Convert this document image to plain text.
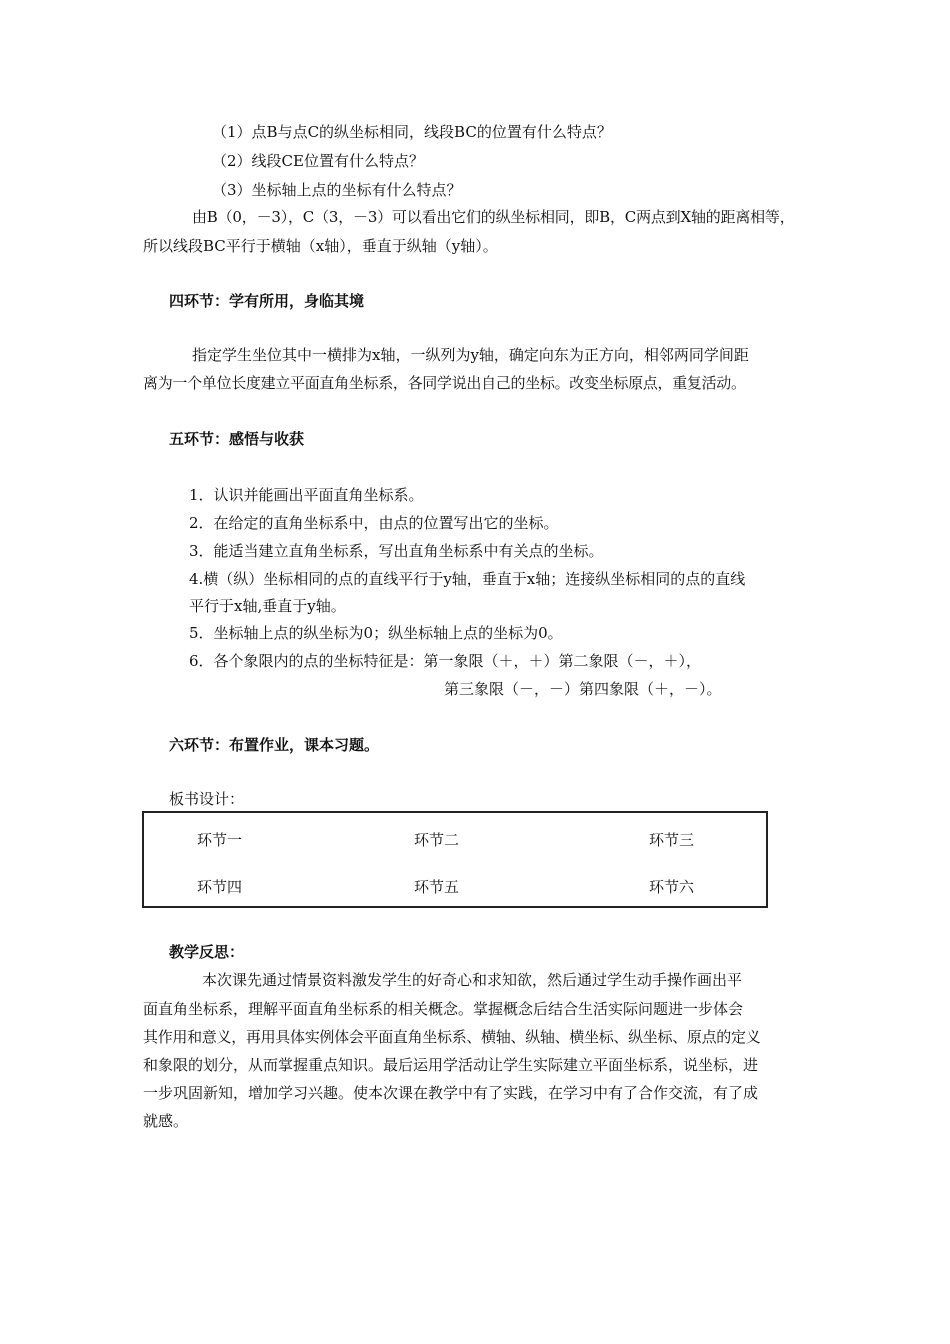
（1）点B与点C的纵坐标相同，线段BC的位置有什么特点？
（2）线段CE位置有什么特点？
（3）坐标轴上点的坐标有什么特点？
由B（0，－3），C（3，－3）可以看出它们的纵坐标相同，即B，C两点到X轴的距离相等，
所以线段BC平行于横轴（x轴），垂直于纵轴（y轴）。
四环节：学有所用，身临其境
指定学生坐位其中一横排为x轴，一纵列为y轴，确定向东为正方向，相邻两同学间距
离为一个单位长度建立平面直角坐标系，各同学说出自己的坐标。改变坐标原点，重复活动。
五环节：感悟与收获
1．认识并能画出平面直角坐标系。
2．在给定的直角坐标系中，由点的位置写出它的坐标。
3．能适当建立直角坐标系，写出直角坐标系中有关点的坐标。
4.横（纵）坐标相同的点的直线平行于y轴，垂直于x轴；连接纵坐标相同的点的直线
平行于x轴,垂直于y轴。
5．坐标轴上点的纵坐标为0；纵坐标轴上点的坐标为0。
6．各个象限内的点的坐标特征是：第一象限（＋，＋）第二象限（－，＋），
第三象限（－，－）第四象限（＋，－）。
六环节：布置作业，课本习题。
板书设计：
环节一	环节二	环节三
环节四	环节五	环节六
教学反思：
本次课先通过情景资料激发学生的好奇心和求知欲，然后通过学生动手操作画出平
面直角坐标系，理解平面直角坐标系的相关概念。掌握概念后结合生活实际问题进一步体会
其作用和意义，再用具体实例体会平面直角坐标系、横轴、纵轴、横坐标、纵坐标、原点的定义
和象限的划分，从而掌握重点知识。最后运用学活动让学生实际建立平面坐标系，说坐标，进
一步巩固新知，增加学习兴趣。使本次课在教学中有了实践，在学习中有了合作交流，有了成
就感。
